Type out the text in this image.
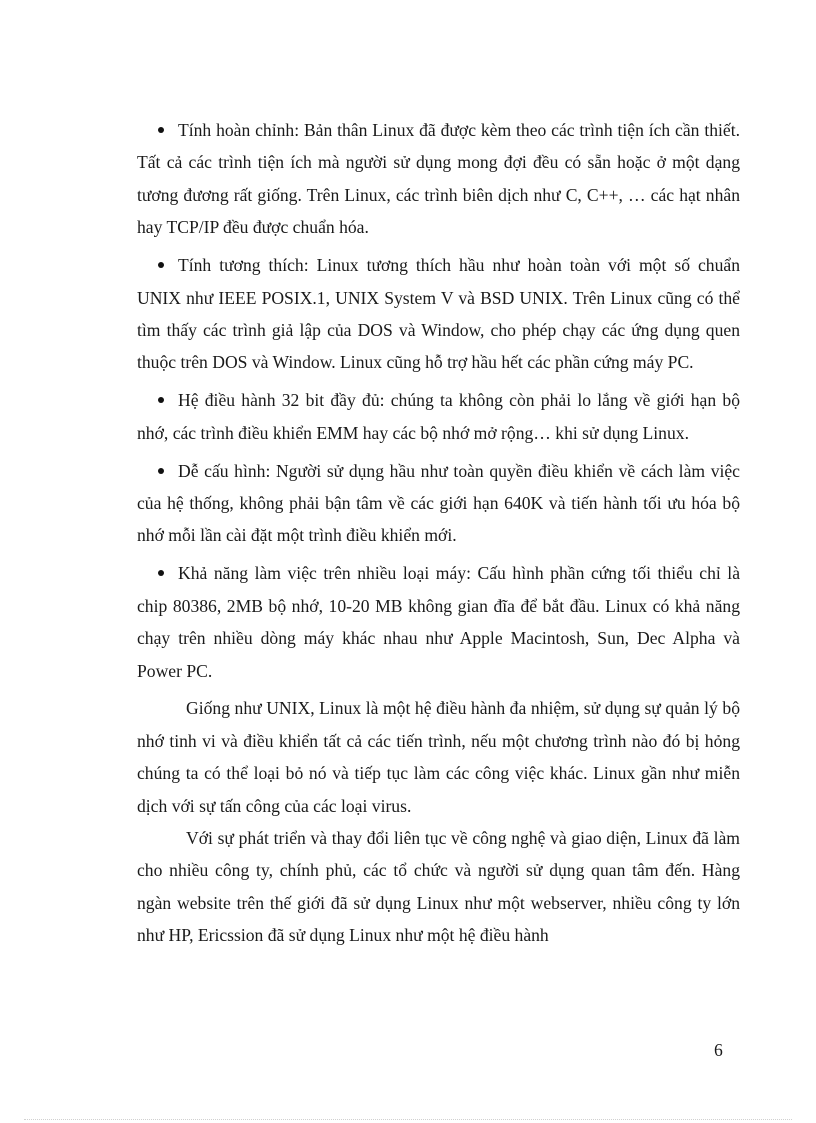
Tính hoàn chỉnh: Bản thân Linux đã được kèm theo các trình tiện ích cần thiết. Tất cả các trình tiện ích mà người sử dụng mong đợi đều có sẵn hoặc ở một dạng tương đương rất giống. Trên Linux, các trình biên dịch như C, C++, … các hạt nhân hay TCP/IP đều được chuẩn hóa.

Tính tương thích: Linux tương thích hầu như hoàn toàn với một số chuẩn UNIX như IEEE POSIX.1, UNIX System V và BSD UNIX. Trên Linux cũng có thể tìm thấy các trình giả lập của DOS và Window, cho phép chạy các ứng dụng quen thuộc trên DOS và Window. Linux cũng hỗ trợ hầu hết các phần cứng máy PC.

Hệ điều hành 32 bit đầy đủ: chúng ta không còn phải lo lắng về giới hạn bộ nhớ, các trình điều khiển EMM hay các bộ nhớ mở rộng… khi sử dụng Linux.

Dễ cấu hình: Người sử dụng hầu như toàn quyền điều khiển về cách làm việc của hệ thống, không phải bận tâm về các giới hạn 640K và tiến hành tối ưu hóa bộ nhớ mỗi lần cài đặt một trình điều khiển mới.

Khả năng làm việc trên nhiều loại máy: Cấu hình phần cứng tối thiểu chỉ là chip 80386, 2MB bộ nhớ, 10-20 MB không gian đĩa để bắt đầu. Linux có khả năng chạy trên nhiều dòng máy khác nhau như Apple Macintosh, Sun, Dec Alpha và Power PC.

Giống như UNIX, Linux là một hệ điều hành đa nhiệm, sử dụng sự quản lý bộ nhớ tinh vi và điều khiển tất cả các tiến trình, nếu một chương trình nào đó bị hỏng chúng ta có thể loại bỏ nó và tiếp tục làm các công việc khác. Linux gần như miễn dịch với sự tấn công của các loại virus.

Với sự phát triển và thay đổi liên tục về công nghệ và giao diện, Linux đã làm cho nhiều công ty, chính phủ, các tổ chức và người sử dụng quan tâm đến. Hàng ngàn website trên thế giới đã sử dụng Linux như một webserver, nhiều công ty lớn như HP, Ericssion đã sử dụng Linux như một hệ điều hành

6
